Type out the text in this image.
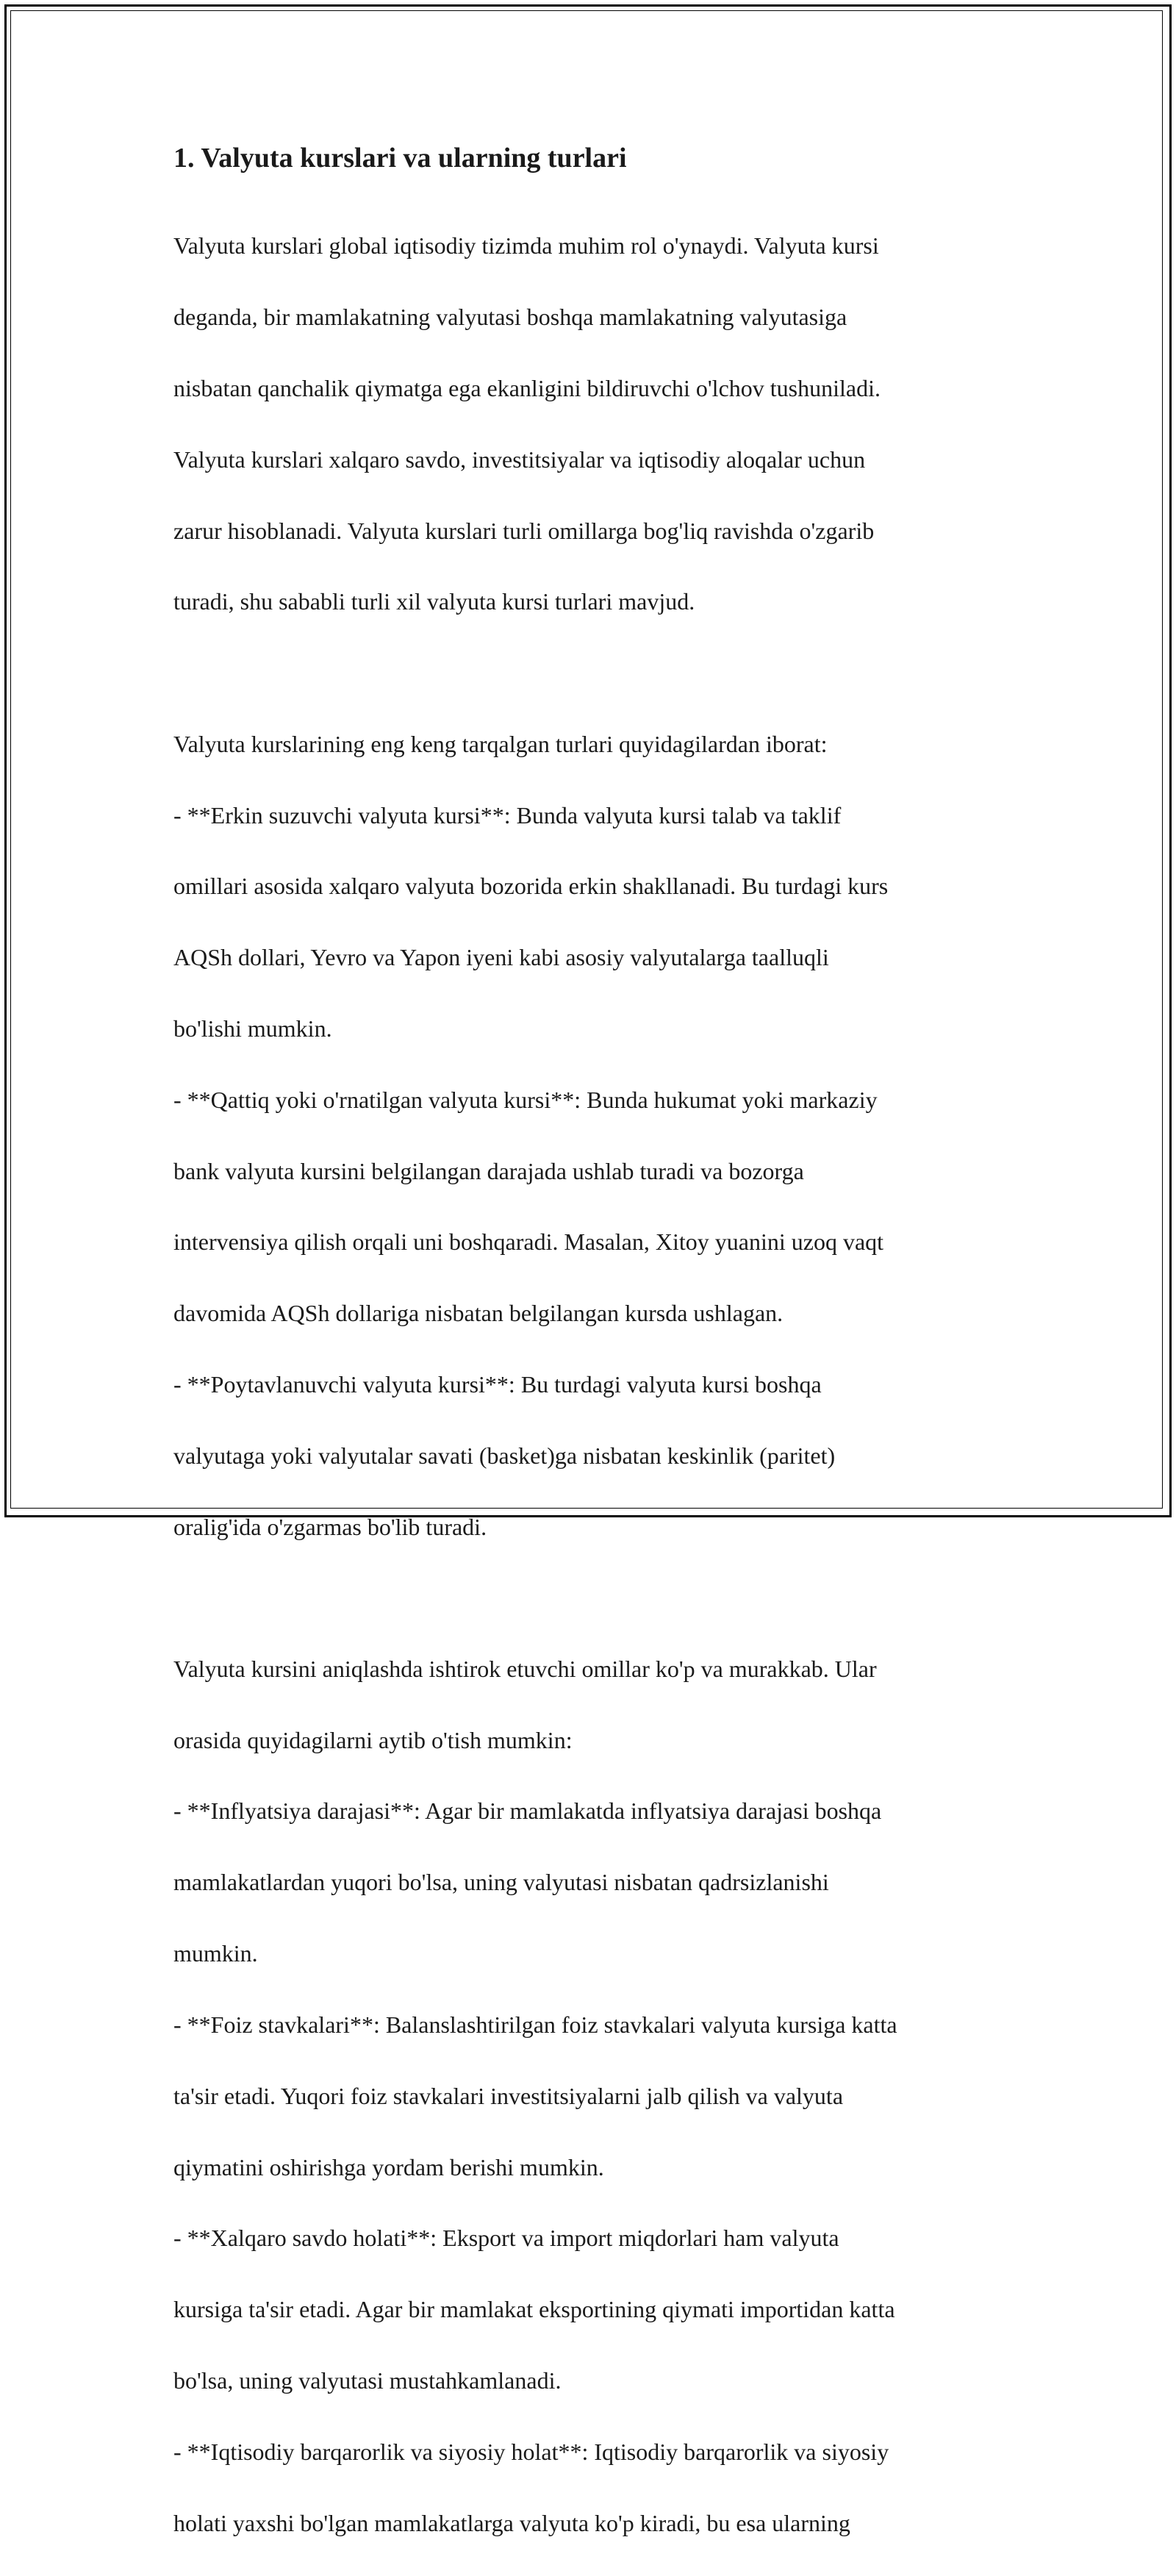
1. Valyuta kurslari va ularning turlari

Valyuta kurslari global iqtisodiy tizimda muhim rol o'ynaydi. Valyuta kursi

deganda, bir mamlakatning valyutasi boshqa mamlakatning valyutasiga

nisbatan qanchalik qiymatga ega ekanligini bildiruvchi o'lchov tushuniladi.

Valyuta kurslari xalqaro savdo, investitsiyalar va iqtisodiy aloqalar uchun

zarur hisoblanadi. Valyuta kurslari turli omillarga bog'liq ravishda o'zgarib

turadi, shu sababli turli xil valyuta kursi turlari mavjud.

Valyuta kurslarining eng keng tarqalgan turlari quyidagilardan iborat:

- **Erkin suzuvchi valyuta kursi**: Bunda valyuta kursi talab va taklif

omillari asosida xalqaro valyuta bozorida erkin shakllanadi. Bu turdagi kurs

AQSh dollari, Yevro va Yapon iyeni kabi asosiy valyutalarga taalluqli

bo'lishi mumkin.

- **Qattiq yoki o'rnatilgan valyuta kursi**: Bunda hukumat yoki markaziy

bank valyuta kursini belgilangan darajada ushlab turadi va bozorga

intervensiya qilish orqali uni boshqaradi. Masalan, Xitoy yuanini uzoq vaqt

davomida AQSh dollariga nisbatan belgilangan kursda ushlagan.

- **Poytavlanuvchi valyuta kursi**: Bu turdagi valyuta kursi boshqa

valyutaga yoki valyutalar savati (basket)ga nisbatan keskinlik (paritet)

oralig'ida o'zgarmas bo'lib turadi.

Valyuta kursini aniqlashda ishtirok etuvchi omillar ko'p va murakkab. Ular

orasida quyidagilarni aytib o'tish mumkin:

- **Inflyatsiya darajasi**: Agar bir mamlakatda inflyatsiya darajasi boshqa

mamlakatlardan yuqori bo'lsa, uning valyutasi nisbatan qadrsizlanishi

mumkin.

- **Foiz stavkalari**: Balanslashtirilgan foiz stavkalari valyuta kursiga katta

ta'sir etadi. Yuqori foiz stavkalari investitsiyalarni jalb qilish va valyuta

qiymatini oshirishga yordam berishi mumkin.

- **Xalqaro savdo holati**: Eksport va import miqdorlari ham valyuta

kursiga ta'sir etadi. Agar bir mamlakat eksportining qiymati importidan katta

bo'lsa, uning valyutasi mustahkamlanadi.

- **Iqtisodiy barqarorlik va siyosiy holat**: Iqtisodiy barqarorlik va siyosiy

holati yaxshi bo'lgan mamlakatlarga valyuta ko'p kiradi, bu esa ularning
